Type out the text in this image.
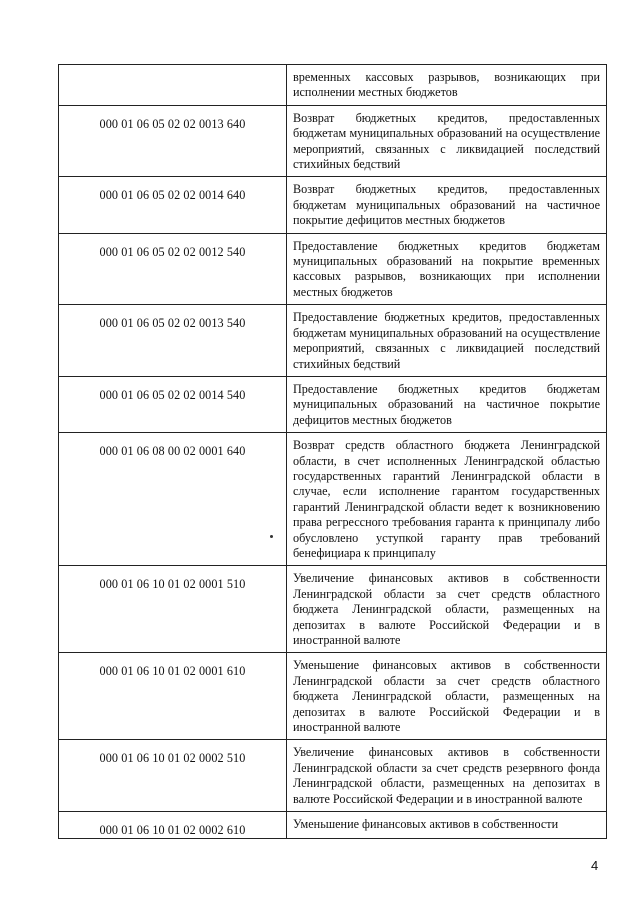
	временных кассовых разрывов, возникающих при исполнении местных бюджетов
000 01 06 05 02 02 0013 640	Возврат бюджетных кредитов, предоставленных бюджетам муниципальных образований на осуществление мероприятий, связанных с ликвидацией последствий стихийных бедствий
000 01 06 05 02 02 0014 640	Возврат бюджетных кредитов, предоставленных бюджетам муниципальных образований на частичное покрытие дефицитов местных бюджетов
000 01 06 05 02 02 0012 540	Предоставление бюджетных кредитов бюджетам муниципальных образований на покрытие временных кассовых разрывов, возникающих при исполнении местных бюджетов
000 01 06 05 02 02 0013 540	Предоставление бюджетных кредитов, предоставленных бюджетам муниципальных образований на осуществление мероприятий, связанных с ликвидацией последствий стихийных бедствий
000 01 06 05 02 02 0014 540	Предоставление бюджетных кредитов бюджетам муниципальных образований на частичное покрытие дефицитов местных бюджетов
000 01 06 08 00 02 0001 640	Возврат средств областного бюджета Ленинградской области, в счет исполненных Ленинградской областью государственных гарантий Ленинградской области в случае, если исполнение гарантом государственных гарантий Ленинградской области ведет к возникновению права регрессного требования гаранта к принципалу либо обусловлено уступкой гаранту прав требований бенефициара к принципалу
000 01 06 10 01 02 0001 510	Увеличение финансовых активов в собственности Ленинградской области за счет средств областного бюджета Ленинградской области, размещенных на депозитах в валюте Российской Федерации и в иностранной валюте
000 01 06 10 01 02 0001 610	Уменьшение финансовых активов в собственности Ленинградской области за счет средств областного бюджета Ленинградской области, размещенных на депозитах в валюте Российской Федерации и в иностранной валюте
000 01 06 10 01 02 0002 510	Увеличение финансовых активов в собственности Ленинградской области за счет средств резервного фонда Ленинградской области, размещенных на депозитах в валюте Российской Федерации и в иностранной валюте
000 01 06 10 01 02 0002 610	Уменьшение финансовых активов в собственности
4
